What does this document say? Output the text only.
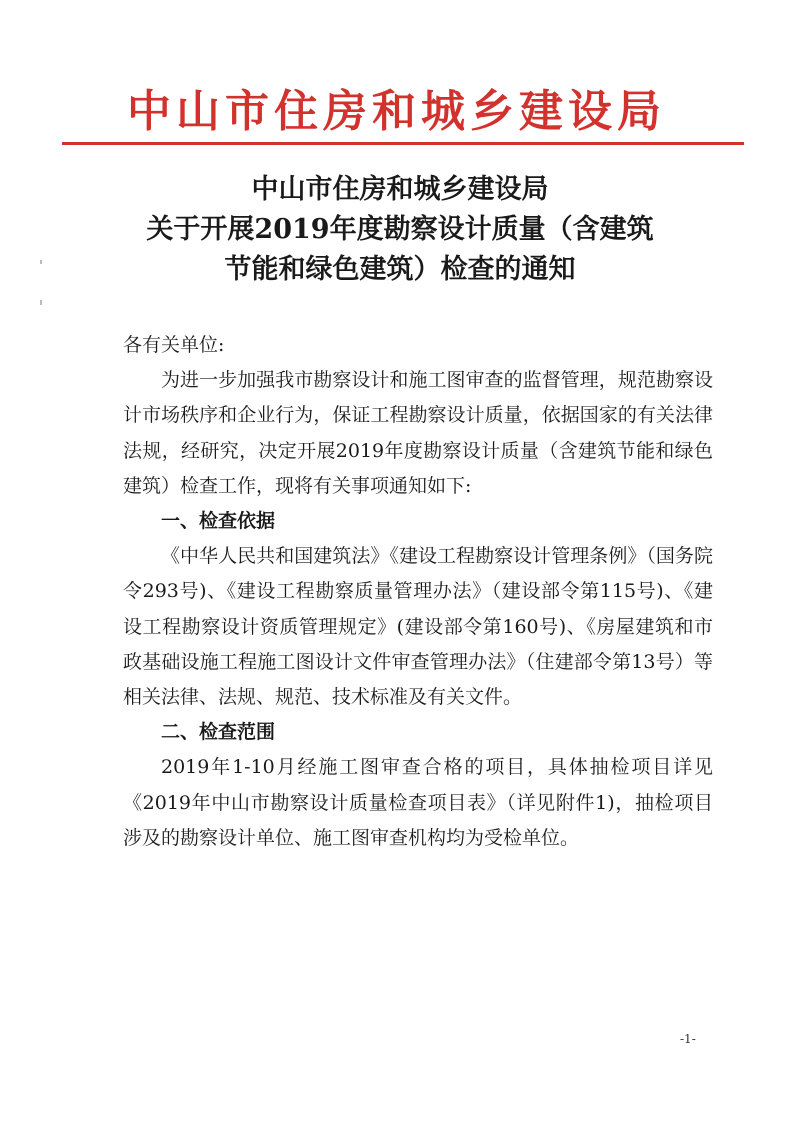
中山市住房和城乡建设局
中山市住房和城乡建设局
关于开展2019年度勘察设计质量（含建筑
节能和绿色建筑）检查的通知

各有关单位:

为进一步加强我市勘察设计和施工图审查的监督管理，规范勘察设计市场秩序和企业行为，保证工程勘察设计质量，依据国家的有关法律法规，经研究，决定开展2019年度勘察设计质量（含建筑节能和绿色建筑）检查工作，现将有关事项通知如下:

一、检查依据

《中华人民共和国建筑法》《建设工程勘察设计管理条例》（国务院令293号)、《建设工程勘察质量管理办法》（建设部令第115号)、《建设工程勘察设计资质管理规定》(建设部令第160号)、《房屋建筑和市政基础设施工程施工图设计文件审查管理办法》（住建部令第13号）等相关法律、法规、规范、技术标准及有关文件。

二、检查范围

2019年1-10月经施工图审查合格的项目，具体抽检项目详见《2019年中山市勘察设计质量检查项目表》（详见附件1)，抽检项目涉及的勘察设计单位、施工图审查机构均为受检单位。

-1-
